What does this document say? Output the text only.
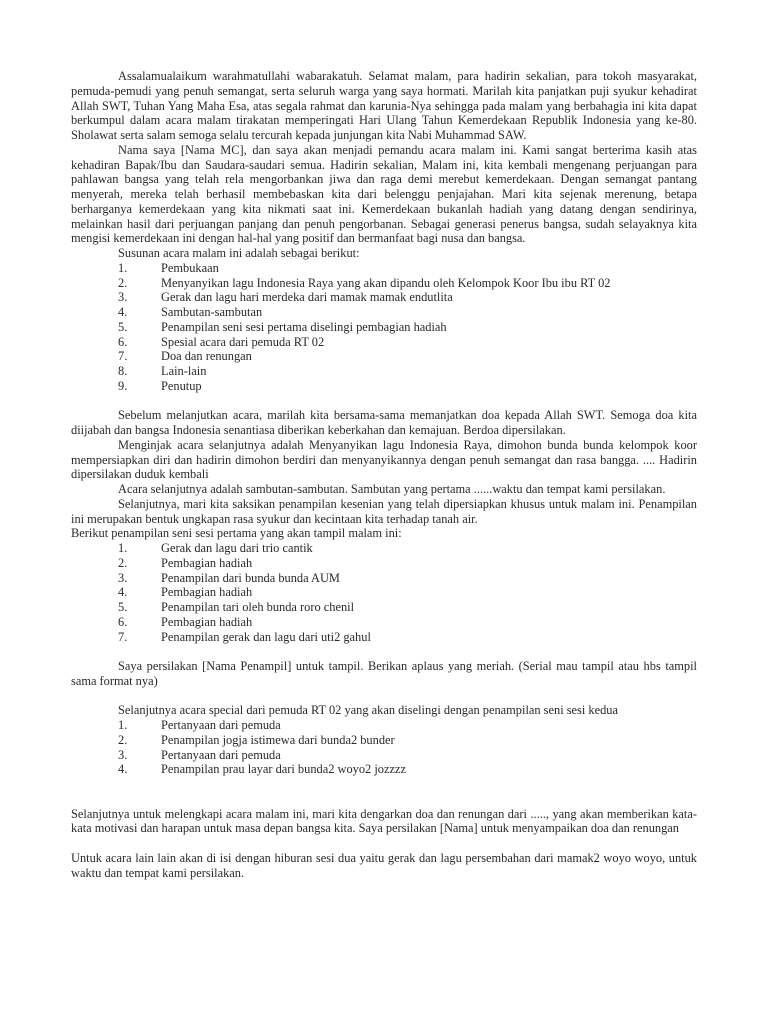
Assalamualaikum warahmatullahi wabarakatuh. Selamat malam, para hadirin sekalian, para tokoh masyarakat, pemuda-pemudi yang penuh semangat, serta seluruh warga yang saya hormati. Marilah kita panjatkan puji syukur kehadirat Allah SWT, Tuhan Yang Maha Esa, atas segala rahmat dan karunia-Nya sehingga pada malam yang berbahagia ini kita dapat berkumpul dalam acara malam tirakatan memperingati Hari Ulang Tahun Kemerdekaan Republik Indonesia yang ke-80. Sholawat serta salam semoga selalu tercurah kepada junjungan kita Nabi Muhammad SAW.

Nama saya [Nama MC], dan saya akan menjadi pemandu acara malam ini. Kami sangat berterima kasih atas kehadiran Bapak/Ibu dan Saudara-saudari semua. Hadirin sekalian, Malam ini, kita kembali mengenang perjuangan para pahlawan bangsa yang telah rela mengorbankan jiwa dan raga demi merebut kemerdekaan. Dengan semangat pantang menyerah, mereka telah berhasil membebaskan kita dari belenggu penjajahan. Mari kita sejenak merenung, betapa berharganya kemerdekaan yang kita nikmati saat ini. Kemerdekaan bukanlah hadiah yang datang dengan sendirinya, melainkan hasil dari perjuangan panjang dan penuh pengorbanan. Sebagai generasi penerus bangsa, sudah selayaknya kita mengisi kemerdekaan ini dengan hal-hal yang positif dan bermanfaat bagi nusa dan bangsa.

Susunan acara malam ini adalah sebagai berikut:

1.	Pembukaan
2.	Menyanyikan lagu Indonesia Raya yang akan dipandu oleh Kelompok Koor Ibu ibu RT 02
3.	Gerak dan lagu hari merdeka dari mamak mamak endutlita
4.	Sambutan-sambutan
5.	Penampilan seni sesi pertama diselingi pembagian hadiah
6.	Spesial acara dari pemuda RT 02
7.	Doa dan renungan
8.	Lain-lain
9.	Penutup

Sebelum melanjutkan acara, marilah kita bersama-sama memanjatkan doa kepada Allah SWT. Semoga doa kita diijabah dan bangsa Indonesia senantiasa diberikan keberkahan dan kemajuan. Berdoa dipersilakan.

Menginjak acara selanjutnya adalah Menyanyikan lagu Indonesia Raya, dimohon bunda bunda kelompok koor mempersiapkan diri dan hadirin dimohon berdiri dan menyanyikannya dengan penuh semangat dan rasa bangga. .... Hadirin dipersilakan duduk kembali

Acara selanjutnya adalah sambutan-sambutan. Sambutan yang pertama ......waktu dan tempat kami persilakan.

Selanjutnya, mari kita saksikan penampilan kesenian yang telah dipersiapkan khusus untuk malam ini. Penampilan ini merupakan bentuk ungkapan rasa syukur dan kecintaan kita terhadap tanah air.

Berikut penampilan seni sesi pertama yang akan tampil malam ini:

1.	Gerak dan lagu dari trio cantik
2.	Pembagian hadiah
3.	Penampilan dari bunda bunda AUM
4.	Pembagian hadiah
5.	Penampilan tari oleh bunda roro chenil
6.	Pembagian hadiah
7.	Penampilan gerak dan lagu dari uti2 gahul

Saya persilakan [Nama Penampil] untuk tampil. Berikan aplaus yang meriah. (Serial mau tampil atau hbs tampil sama format nya)

Selanjutnya acara special dari pemuda RT 02 yang akan diselingi dengan penampilan seni sesi kedua

1.	Pertanyaan dari pemuda
2.	Penampilan jogja istimewa dari bunda2 bunder
3.	Pertanyaan dari pemuda
4.	Penampilan prau layar dari bunda2 woyo2 jozzzz

Selanjutnya untuk melengkapi acara malam ini, mari kita dengarkan doa dan renungan dari ....., yang akan memberikan kata-kata motivasi dan harapan untuk masa depan bangsa kita. Saya persilakan [Nama] untuk menyampaikan doa dan renungan

Untuk acara lain lain akan di isi dengan hiburan sesi dua yaitu gerak dan lagu persembahan dari mamak2 woyo woyo, untuk waktu dan tempat kami persilakan.
